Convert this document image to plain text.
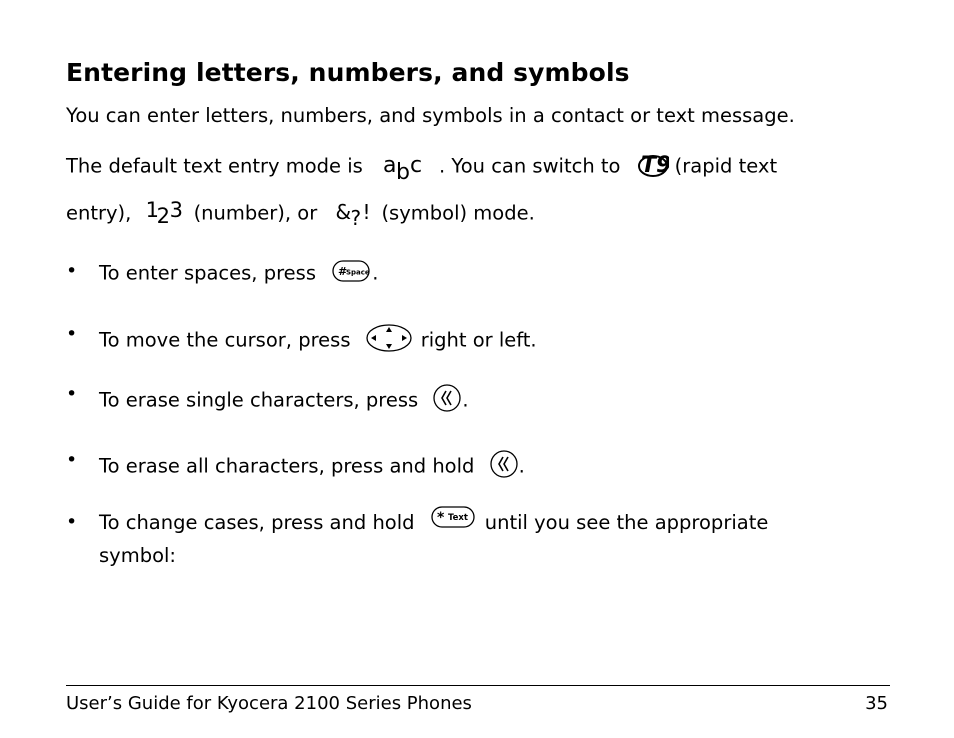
Entering letters, numbers, and symbols
You can enter letters, numbers, and symbols in a contact or text message.
The default text entry mode is a b c . You can switch to T9 (rapid text
entry), 1
2 3 (number), or & ? ! (symbol) mode.
• To enter spaces, press #
Space .
• To move the cursor, press	right or left.
• To erase single characters, press .
• To erase all characters, press and hold .
• To change cases, press and hold * Text until you see the appropriate
symbol:
User’s Guide for Kyocera 2100 Series Phones	35
